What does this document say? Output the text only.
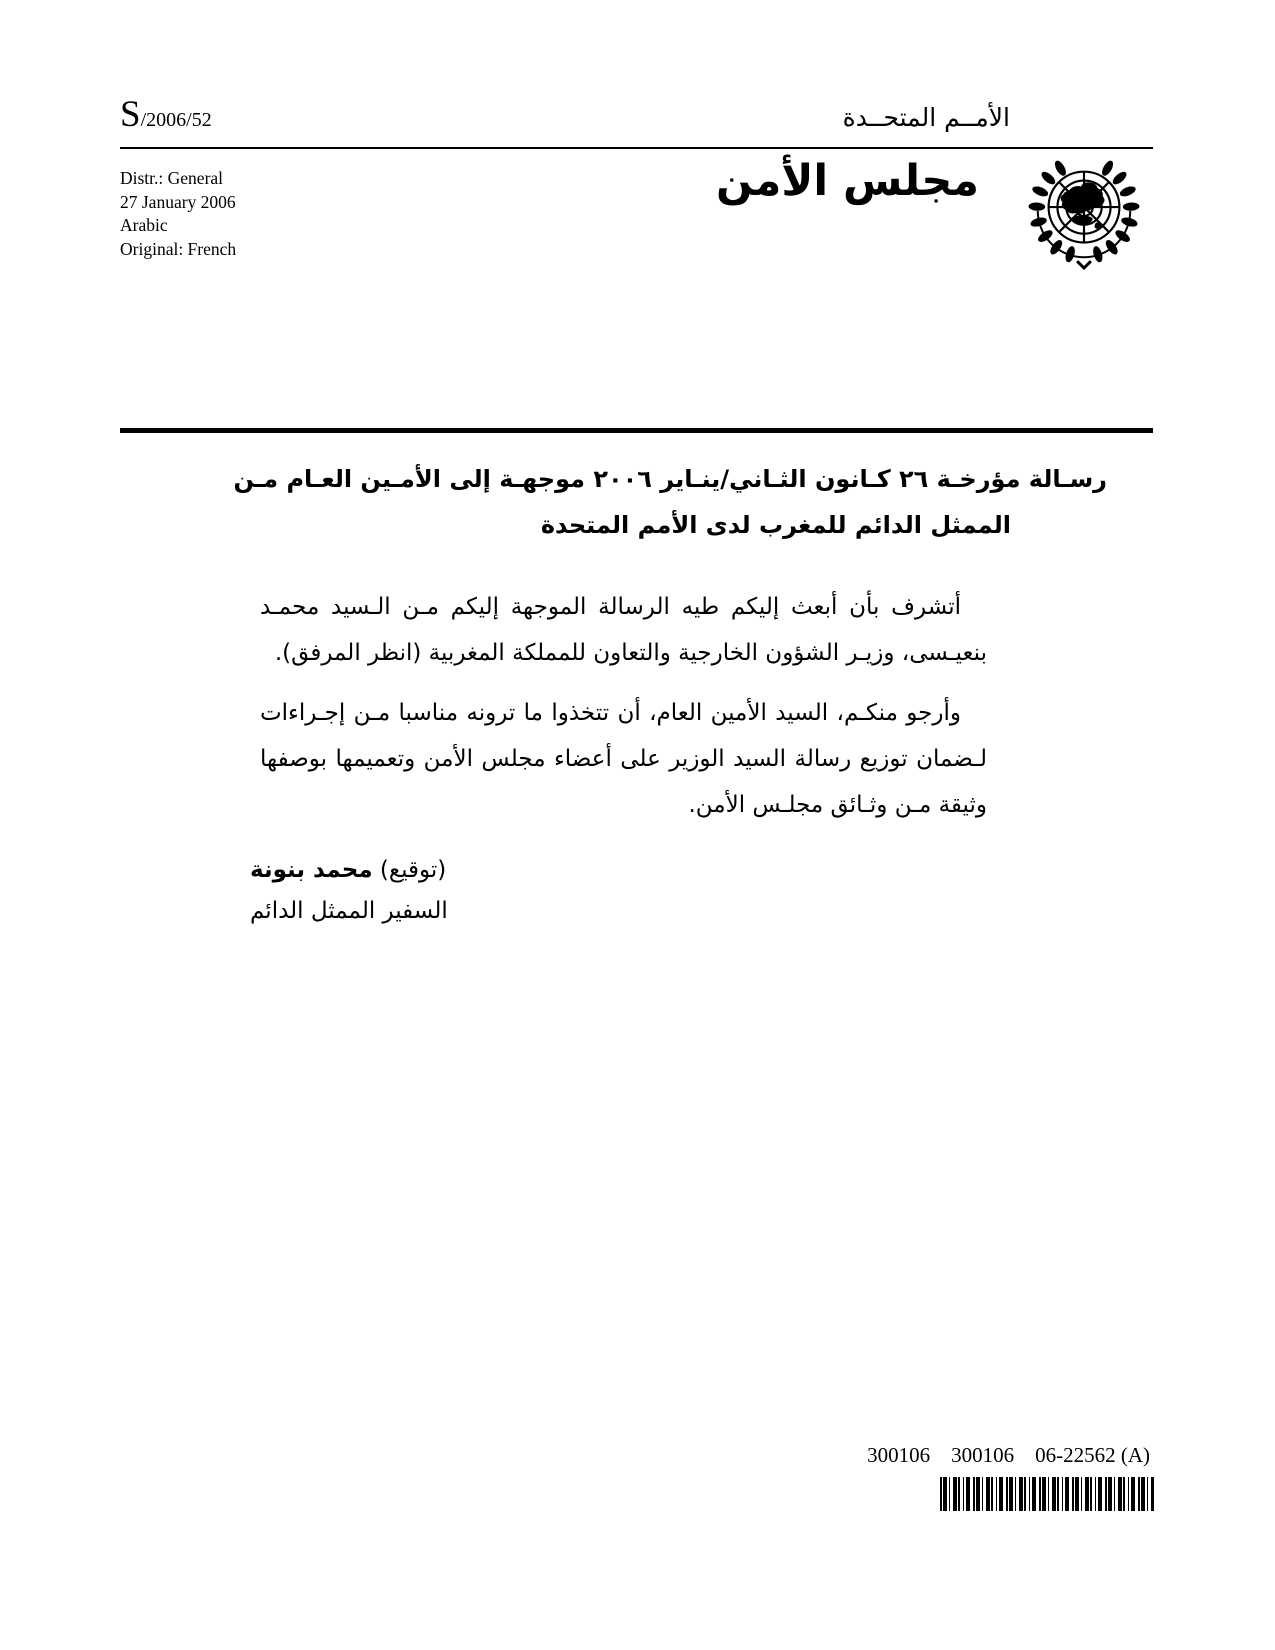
S/2006/52	الأمــم المتحــدة
Distr.: General
27 January 2006
Arabic
Original: French
مجلس الأمن
رسـالة مؤرخـة ٢٦ كـانون الثـاني/ينـاير ٢٠٠٦ موجهـة إلى الأمـين العـام مـن
الممثل الدائم للمغرب لدى الأمم المتحدة

أتشرف بأن أبعث إليكم طيه الرسالة الموجهة إليكم مـن الـسيد محمـد بنعيـسى، وزيـر الشؤون الخارجية والتعاون للمملكة المغربية (انظر المرفق).

وأرجو منكـم، السيد الأمين العام، أن تتخذوا ما ترونه مناسبا مـن إجـراءات لـضمان توزيع رسالة السيد الوزير على أعضاء مجلس الأمن وتعميمها بوصفها وثيقة مـن وثـائق مجلـس الأمن.

(توقيع) محمد بنونة
السفير الممثل الدائم
300106    300106    06-22562 (A)
